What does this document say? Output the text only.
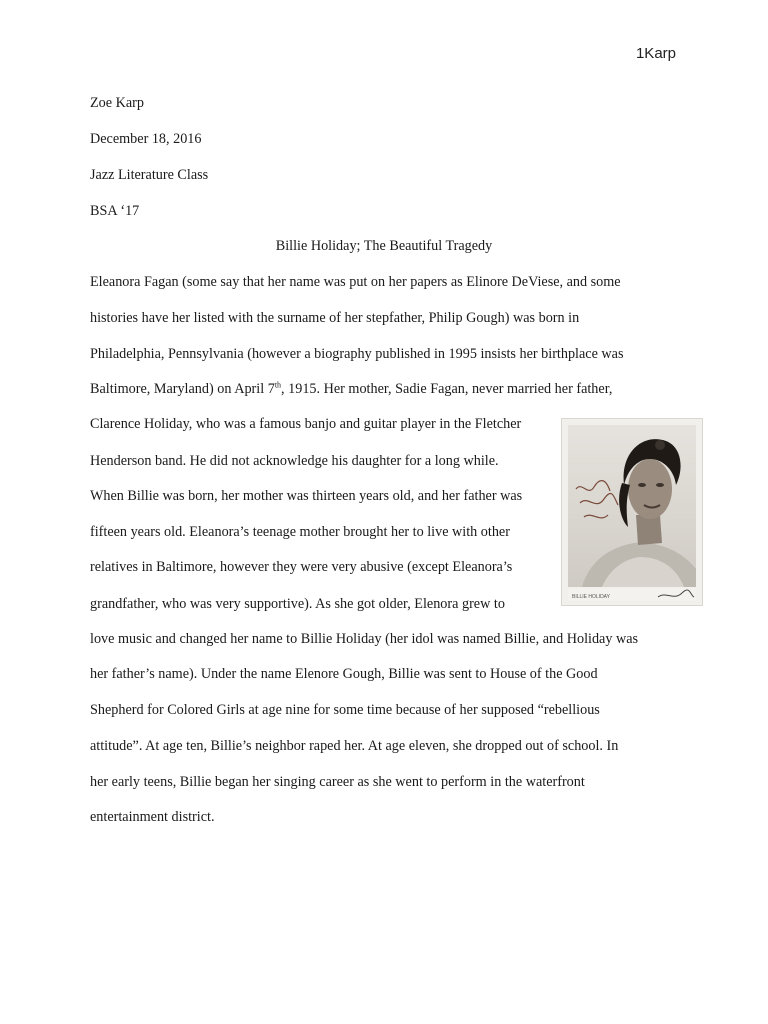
1Karp
Zoe Karp
December 18, 2016
Jazz Literature Class
BSA ‘17
Billie Holiday; The Beautiful Tragedy
Eleanora Fagan (some say that her name was put on her papers as Elinore DeViese, and some
histories have her listed with the surname of her stepfather, Philip Gough) was born in
Philadelphia, Pennsylvania (however a biography published in 1995 insists her birthplace was
Baltimore, Maryland) on April 7th, 1915. Her mother, Sadie Fagan, never married her father,
Clarence Holiday, who was a famous banjo and guitar player in the Fletcher
Henderson band. He did not acknowledge his daughter for a long while.
When Billie was born, her mother was thirteen years old, and her father was
fifteen years old. Eleanora’s teenage mother brought her to live with other
relatives in Baltimore, however they were very abusive (except Eleanora’s
grandfather, who was very supportive). As she got older, Elenora grew to
love music and changed her name to Billie Holiday (her idol was named Billie, and Holiday was
her father’s name). Under the name Elenore Gough, Billie was sent to House of the Good
Shepherd for Colored Girls at age nine for some time because of her supposed “rebellious
attitude”. At age ten, Billie’s neighbor raped her. At age eleven, she dropped out of school. In
her early teens, Billie began her singing career as she went to perform in the waterfront
entertainment district.
BILLIE HOLIDAY
